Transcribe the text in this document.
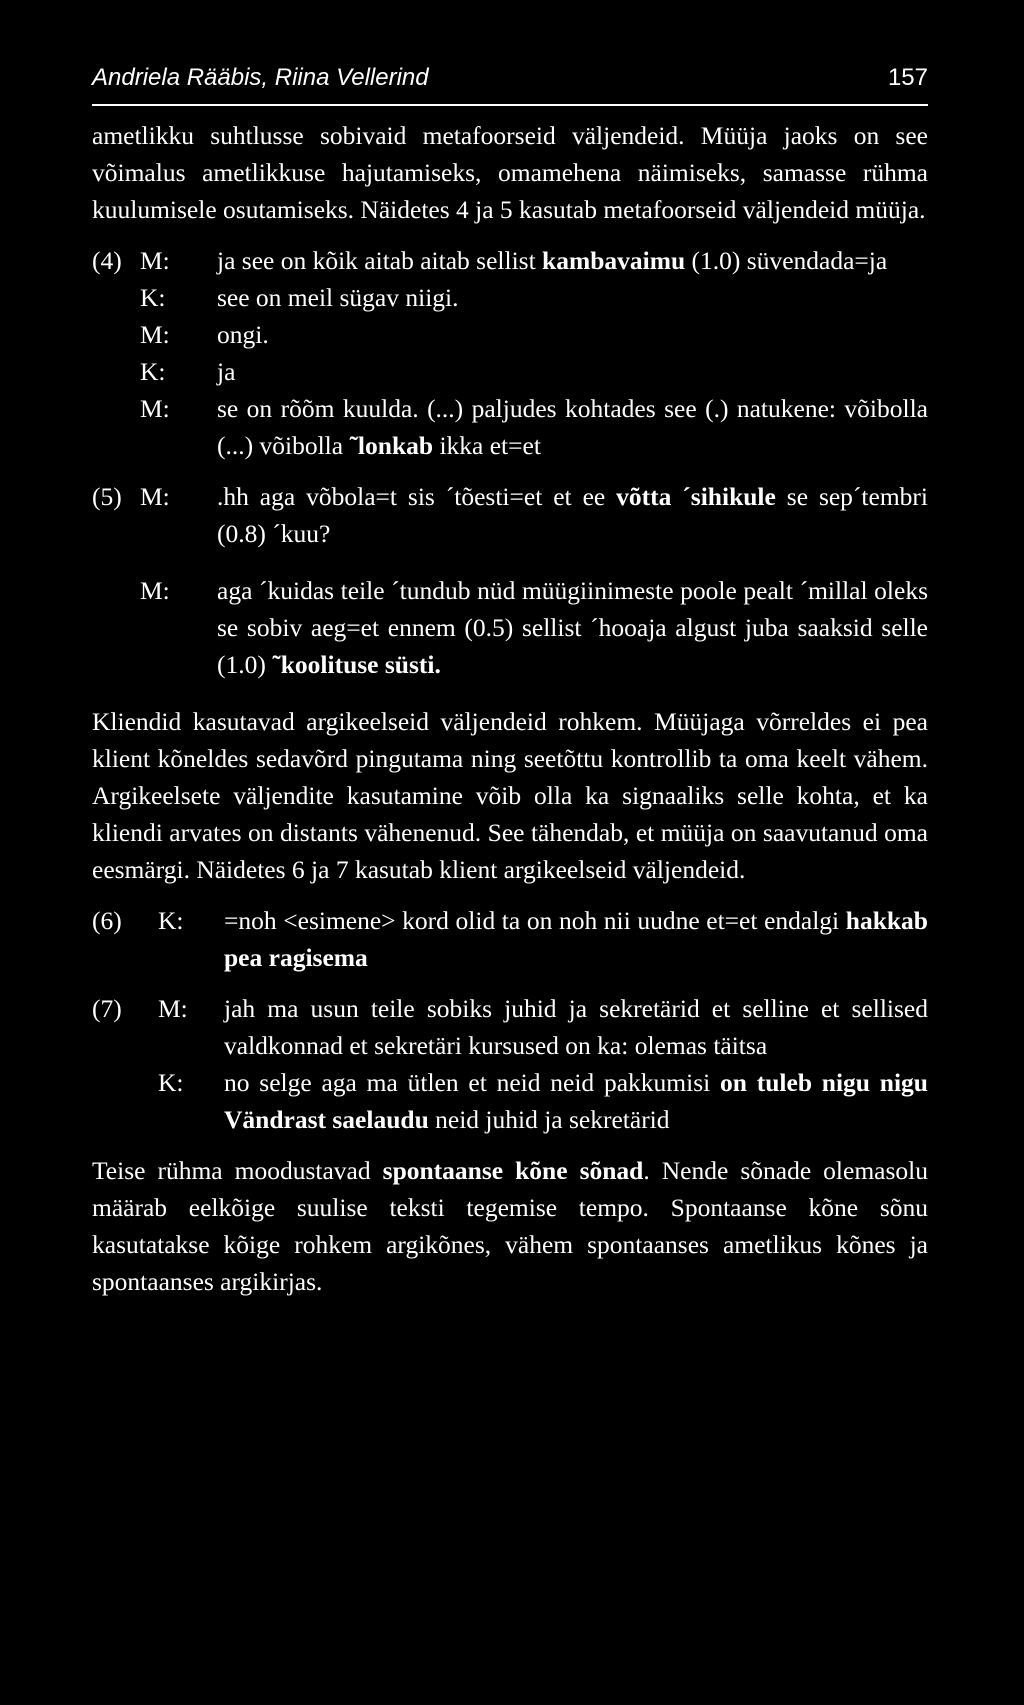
Andriela Rääbis, Riina Vellerind	157
ametlikku suhtlusse sobivaid metafoorseid väljendeid. Müüja jaoks on see võimalus ametlikkuse hajutamiseks, omamehena näimiseks, samasse rühma kuulumisele osutamiseks. Näidetes 4 ja 5 kasutab metafoorseid väljendeid müüja.
(4) M: ja see on kõik aitab aitab sellist kambavaimu (1.0) süvendada=ja
K: see on meil sügav niigi.
M: ongi.
K: ja
M: se on rõõm kuulda. (...) paljudes kohtades see (.) natukene: võibolla (...) võibolla ˜lonkab ikka et=et
(5) M: .hh aga võbola=t sis ´tõesti=et et ee võtta ´sihikule se sep´tembri (0.8) ´kuu?
M: aga ´kuidas teile ´tundub nüd müügiinimeste poole pealt ´millal oleks se sobiv aeg=et ennem (0.5) sellist ´hooaja algust juba saaksid selle (1.0) ˜koolituse süsti.
Kliendid kasutavad argikeelseid väljendeid rohkem. Müüjaga võrreldes ei pea klient kõneldes sedavõrd pingutama ning seetõttu kontrollib ta oma keelt vähem. Argikeelsete väljendite kasutamine võib olla ka signaaliks selle kohta, et ka kliendi arvates on distants vähenenud. See tähendab, et müüja on saavutanud oma eesmärgi. Näidetes 6 ja 7 kasutab klient argikeelseid väljendeid.
(6) K: =noh <esimene> kord olid ta on noh nii uudne et=et endalgi hakkab pea ragisema
(7) M: jah ma usun teile sobiks juhid ja sekretärid et selline et sellised valdkonnad et sekretäri kursused on ka: olemas täitsa
K: no selge aga ma ütlen et neid neid pakkumisi on tuleb nigu nigu Vändrast saelaudu neid juhid ja sekretärid
Teise rühma moodustavad spontaanse kõne sõnad. Nende sõnade olemasolu määrab eelkõige suulise teksti tegemise tempo. Spontaanse kõne sõnu kasutatakse kõige rohkem argikõnes, vähem spontaanses ametlikus kõnes ja spontaanses argikirjas.
